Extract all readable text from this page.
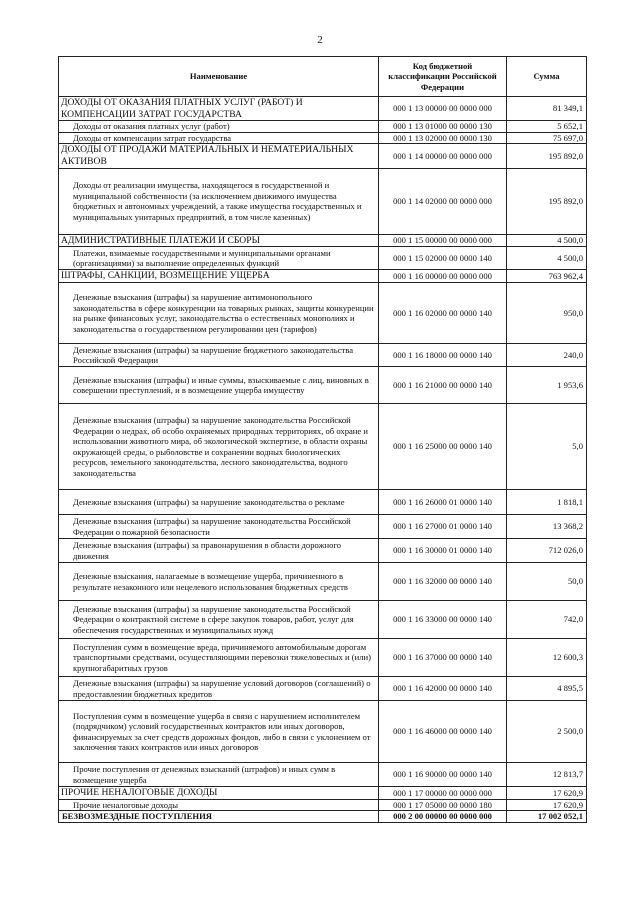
2
Наименование	Код бюджетной классификации Российской Федерации	Сумма
ДОХОДЫ ОТ ОКАЗАНИЯ ПЛАТНЫХ УСЛУГ (РАБОТ) И КОМПЕНСАЦИИ ЗАТРАТ ГОСУДАРСТВА	000 1 13 00000 00 0000 000	81 349,1
Доходы от оказания платных услуг (работ)	000 1 13 01000 00 0000 130	5 652,1
Доходы от компенсации затрат государства	000 1 13 02000 00 0000 130	75 697,0
ДОХОДЫ ОТ ПРОДАЖИ МАТЕРИАЛЬНЫХ И НЕМАТЕРИАЛЬНЫХ АКТИВОВ	000 1 14 00000 00 0000 000	195 892,0
Доходы от реализации имущества, находящегося в государственной и муниципальной собственности (за исключением движимого имущества бюджетных и автономных учреждений, а также имущества государственных и муниципальных унитарных предприятий, в том числе казенных)	000 1 14 02000 00 0000 000	195 892,0
АДМИНИСТРАТИВНЫЕ ПЛАТЕЖИ И СБОРЫ	000 1 15 00000 00 0000 000	4 500,0
Платежи, взимаемые государственными и муниципальными органами (организациями) за выполнение определенных функций	000 1 15 02000 00 0000 140	4 500,0
ШТРАФЫ, САНКЦИИ, ВОЗМЕЩЕНИЕ УЩЕРБА	000 1 16 00000 00 0000 000	763 962,4
Денежные взыскания (штрафы) за нарушение антимонопольного законодательства в сфере конкуренции на товарных рынках, защиты конкуренции на рынке финансовых услуг, законодательства о естественных монополиях и законодательства о государственном регулировании цен (тарифов)	000 1 16 02000 00 0000 140	950,0
Денежные взыскания (штрафы) за нарушение бюджетного законодательства Российской Федерации	000 1 16 18000 00 0000 140	240,0
Денежные взыскания (штрафы) и иные суммы, взыскиваемые с лиц, виновных в совершении преступлений, и в возмещение ущерба имуществу	000 1 16 21000 00 0000 140	1 953,6
Денежные взыскания (штрафы) за нарушение законодательства Российской Федерации о недрах, об особо охраняемых природных территориях, об охране и использовании животного мира, об экологической экспертизе, в области охраны окружающей среды, о рыболовстве и сохранении водных биологических ресурсов, земельного законодательства, лесного законодательства, водного законодательства	000 1 16 25000 00 0000 140	5,0
Денежные взыскания (штрафы) за нарушение законодательства о рекламе	000 1 16 26000 01 0000 140	1 818,1
Денежные взыскания (штрафы) за нарушение законодательства Российской Федерации о пожарной безопасности	000 1 16 27000 01 0000 140	13 368,2
Денежные взыскания (штрафы) за правонарушения в области дорожного движения	000 1 16 30000 01 0000 140	712 026,0
Денежные взыскания, налагаемые в возмещение ущерба, причиненного в результате незаконного или нецелевого использования бюджетных средств	000 1 16 32000 00 0000 140	50,0
Денежные взыскания (штрафы) за нарушение законодательства Российской Федерации о контрактной системе в сфере закупок товаров, работ, услуг для обеспечения государственных и муниципальных нужд	000 1 16 33000 00 0000 140	742,0
Поступления сумм в возмещение вреда, причиняемого автомобильным дорогам транспортными средствами, осуществляющими перевозки тяжеловесных и (или) крупногабаритных грузов	000 1 16 37000 00 0000 140	12 600,3
Денежные взыскания (штрафы) за нарушение условий договоров (соглашений) о предоставлении бюджетных кредитов	000 1 16 42000 00 0000 140	4 895,5
Поступления сумм в возмещение ущерба в связи с нарушением исполнителем (подрядчиком) условий государственных контрактов или иных договоров, финансируемых за счет средств дорожных фондов, либо в связи с уклонением от заключения таких контрактов или иных договоров	000 1 16 46000 00 0000 140	2 500,0
Прочие поступления от денежных взысканий (штрафов) и иных сумм в возмещение ущерба	000 1 16 90000 00 0000 140	12 813,7
ПРОЧИЕ НЕНАЛОГОВЫЕ ДОХОДЫ	000 1 17 00000 00 0000 000	17 620,9
Прочие неналоговые доходы	000 1 17 05000 00 0000 180	17 620,9
БЕЗВОЗМЕЗДНЫЕ ПОСТУПЛЕНИЯ	000 2 00 00000 00 0000 000	17 002 052,1
